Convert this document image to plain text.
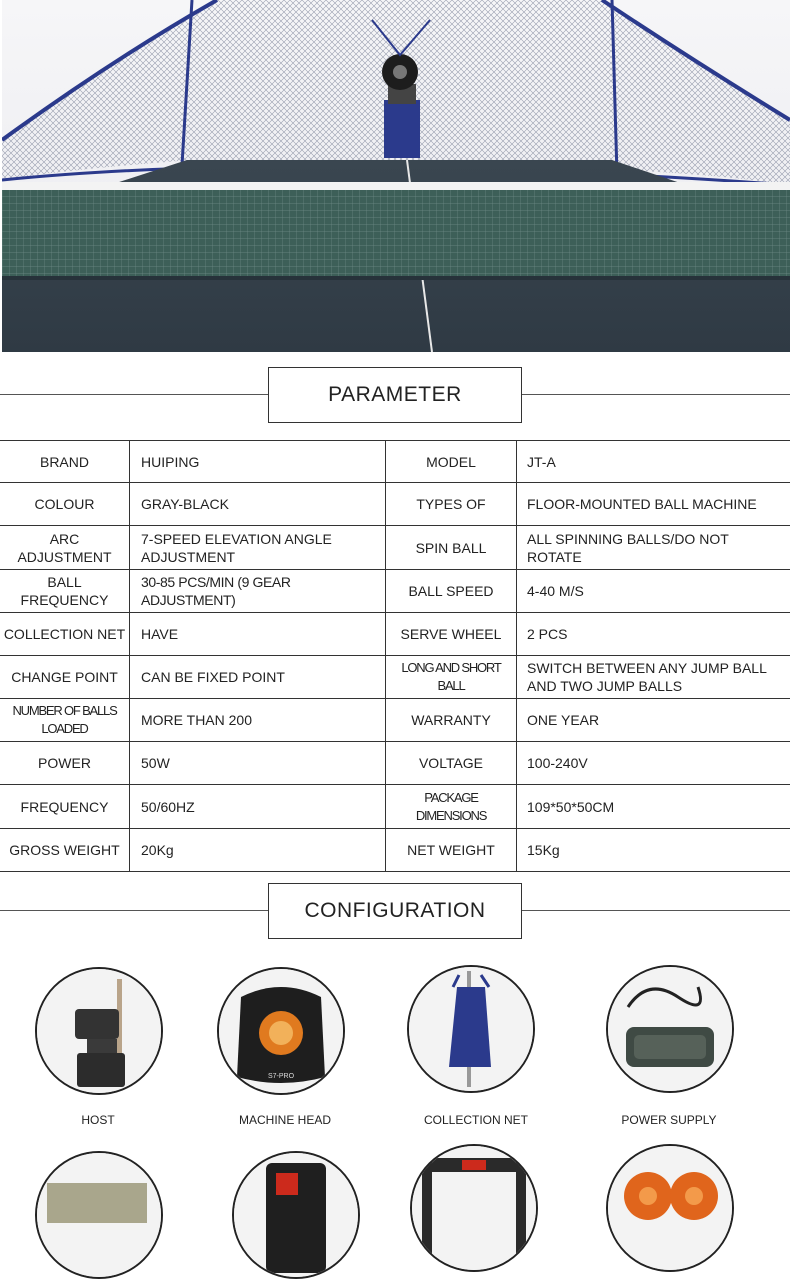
PARAMETER
BRAND	HUIPING	MODEL	JT-A
COLOUR	GRAY-BLACK	TYPES OF	FLOOR-MOUNTED BALL MACHINE
ARC ADJUSTMENT	7-SPEED ELEVATION ANGLE ADJUSTMENT	SPIN BALL	ALL SPINNING BALLS/DO NOT ROTATE
BALL FREQUENCY	30-85 PCS/MIN (9 GEAR ADJUSTMENT)	BALL SPEED	4-40 M/S
COLLECTION NET	HAVE	SERVE WHEEL	2 PCS
CHANGE POINT	CAN BE FIXED POINT	LONG AND SHORT BALL	SWITCH BETWEEN ANY JUMP BALL AND TWO JUMP BALLS
NUMBER OF BALLS LOADED	MORE THAN 200	WARRANTY	ONE YEAR
POWER	50W	VOLTAGE	100-240V
FREQUENCY	50/60HZ	PACKAGE DIMENSIONS	109*50*50CM
GROSS WEIGHT	20Kg	NET WEIGHT	15Kg
CONFIGURATION
HOST
S7-PRO
MACHINE HEAD	COLLECTION NET	POWER SUPPLY
